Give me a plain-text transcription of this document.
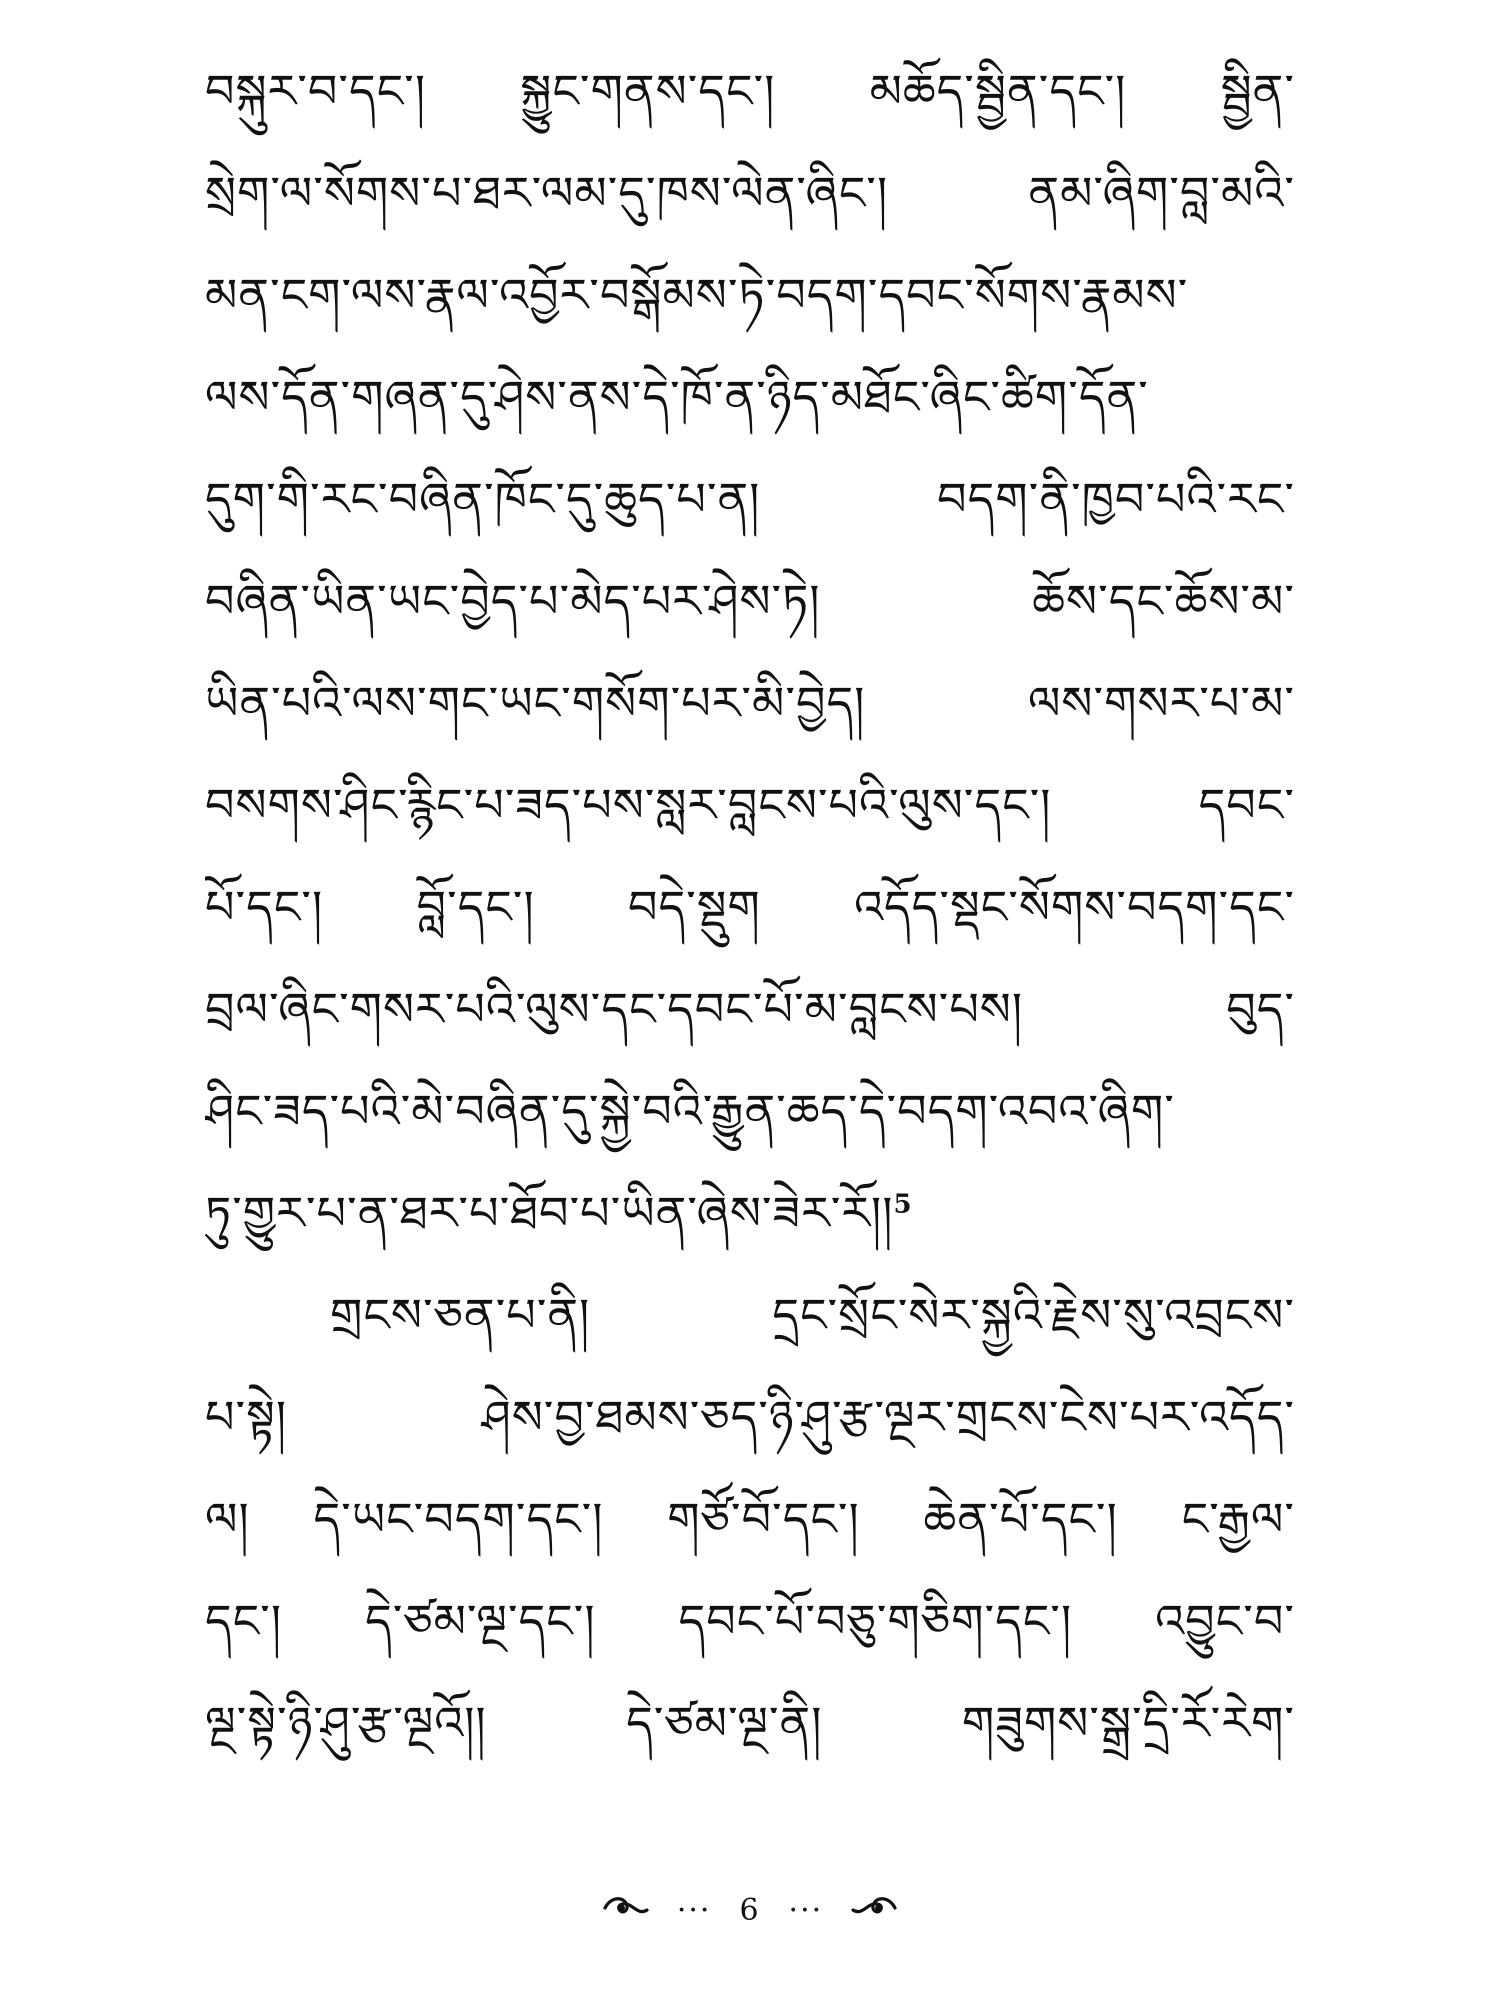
བསྐུར་བ་དང་། སྐྱུང་གནས་དང་། མཆོད་སྦྱིན་དང་། སྦྱིན་
སྲེག་ལ་སོགས་པ་ཐར་ལམ་དུ་ཁས་ལེན་ཞིང་། ནམ་ཞིག་བླ་མའི་
མན་ངག་ལས་རྣལ་འབྱོར་བསྒོམས་ཏེ་བདག་དབང་སོགས་རྣམས་
ལས་དོན་གཞན་དུ་ཤེས་ནས་དེ་ཁོ་ན་ཉིད་མཐོང་ཞིང་ཚིག་དོན་
དུག་གི་རང་བཞིན་ཁོང་དུ་ཆུད་པ་ན། བདག་ནི་ཁྱབ་པའི་རང་
བཞིན་ཡིན་ཡང་བྱེད་པ་མེད་པར་ཤེས་ཏེ། ཆོས་དང་ཆོས་མ་
ཡིན་པའི་ལས་གང་ཡང་གསོག་པར་མི་བྱེད། ལས་གསར་པ་མ་
བསགས་ཤིང་རྙིང་པ་ཟད་པས་སླར་བླངས་པའི་ལུས་དང་། དབང་
པོ་དང་། བློ་དང་། བདེ་སྡུག འདོད་སྡང་སོགས་བདག་དང་
བྲལ་ཞིང་གསར་པའི་ལུས་དང་དབང་པོ་མ་བླངས་པས། བུད་
ཤིང་ཟད་པའི་མེ་བཞིན་དུ་སྐྱེ་བའི་རྒྱུན་ཆད་དེ་བདག་འབའ་ཞིག་
ཏུ་གྱུར་པ་ན་ཐར་པ་ཐོབ་པ་ཡིན་ཞེས་ཟེར་རོ།།$^5$
གྲངས་ཅན་པ་ནི། དྲང་སྲོང་སེར་སྐྱའི་རྗེས་སུ་འབྲངས་
པ་སྟེ། ཤེས་བྱ་ཐམས་ཅད་ཉི་ཤུ་རྩ་ལྔར་གྲངས་ངེས་པར་འདོད་
ལ། དེ་ཡང་བདག་དང་། གཙོ་བོ་དང་། ཆེན་པོ་དང་། ང་རྒྱལ་
དང་། དེ་ཙམ་ལྔ་དང་། དབང་པོ་བཅུ་གཅིག་དང་། འབྱུང་བ་
ལྔ་སྟེ་ཉི་ཤུ་རྩ་ལྔའོ།། དེ་ཙམ་ལྔ་ནི། གཟུགས་སྒྲ་དྲི་རོ་རེག་
··· 6 ···
